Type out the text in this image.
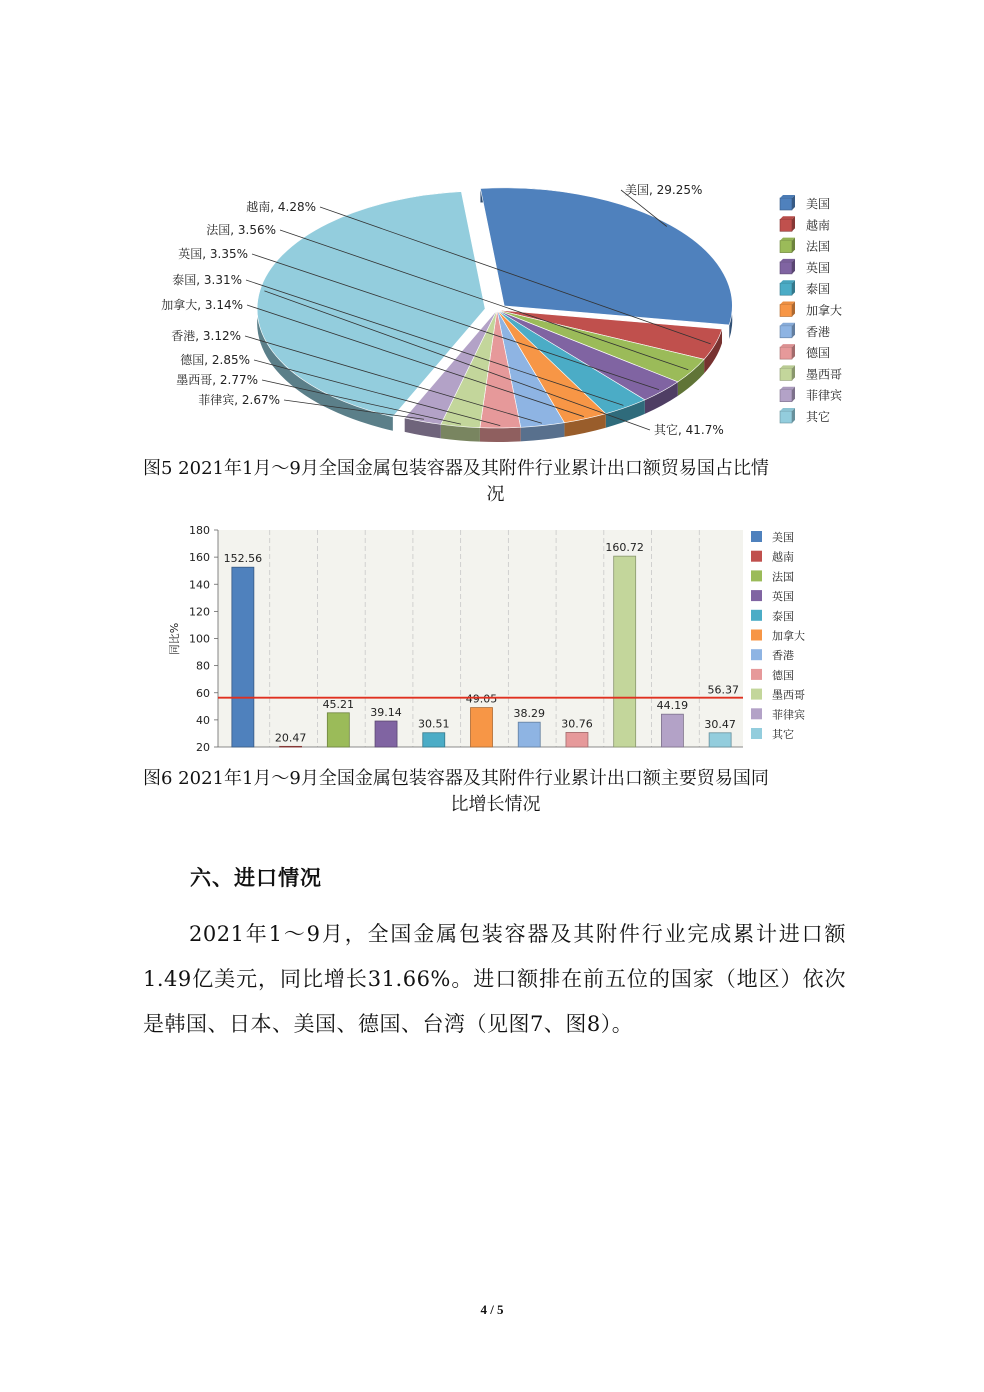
美国, 29.25%
越南, 4.28%
法国, 3.56%
英国, 3.35%
泰国, 3.31%
加拿大, 3.14%
香港, 3.12%
德国, 2.85%
墨西哥, 2.77%
菲律宾, 2.67%
其它, 41.7%
美国
越南
法国
英国
泰国
加拿大
香港
德国
墨西哥
菲律宾
其它
图5 2021年1月～9月全国金属包装容器及其附件行业累计出口额贸易国占比情
况
20
40
60
80
100
120
140
160
180
152.56
20.47
45.21
39.14
30.51
49.05
38.29
30.76
160.72
44.19
30.47
56.37
美国
越南
法国
英国
泰国
加拿大
香港
德国
墨西哥
菲律宾
其它
同比%
图6 2021年1月～9月全国金属包装容器及其附件行业累计出口额主要贸易国同
比增长情况
六、进口情况
2021年1～9月，全国金属包装容器及其附件行业完成累计进口额1.49亿美元，同比增长31.66%。进口额排在前五位的国家（地区）依次是韩国、日本、美国、德国、台湾（见图7、图8）。
4 / 5
